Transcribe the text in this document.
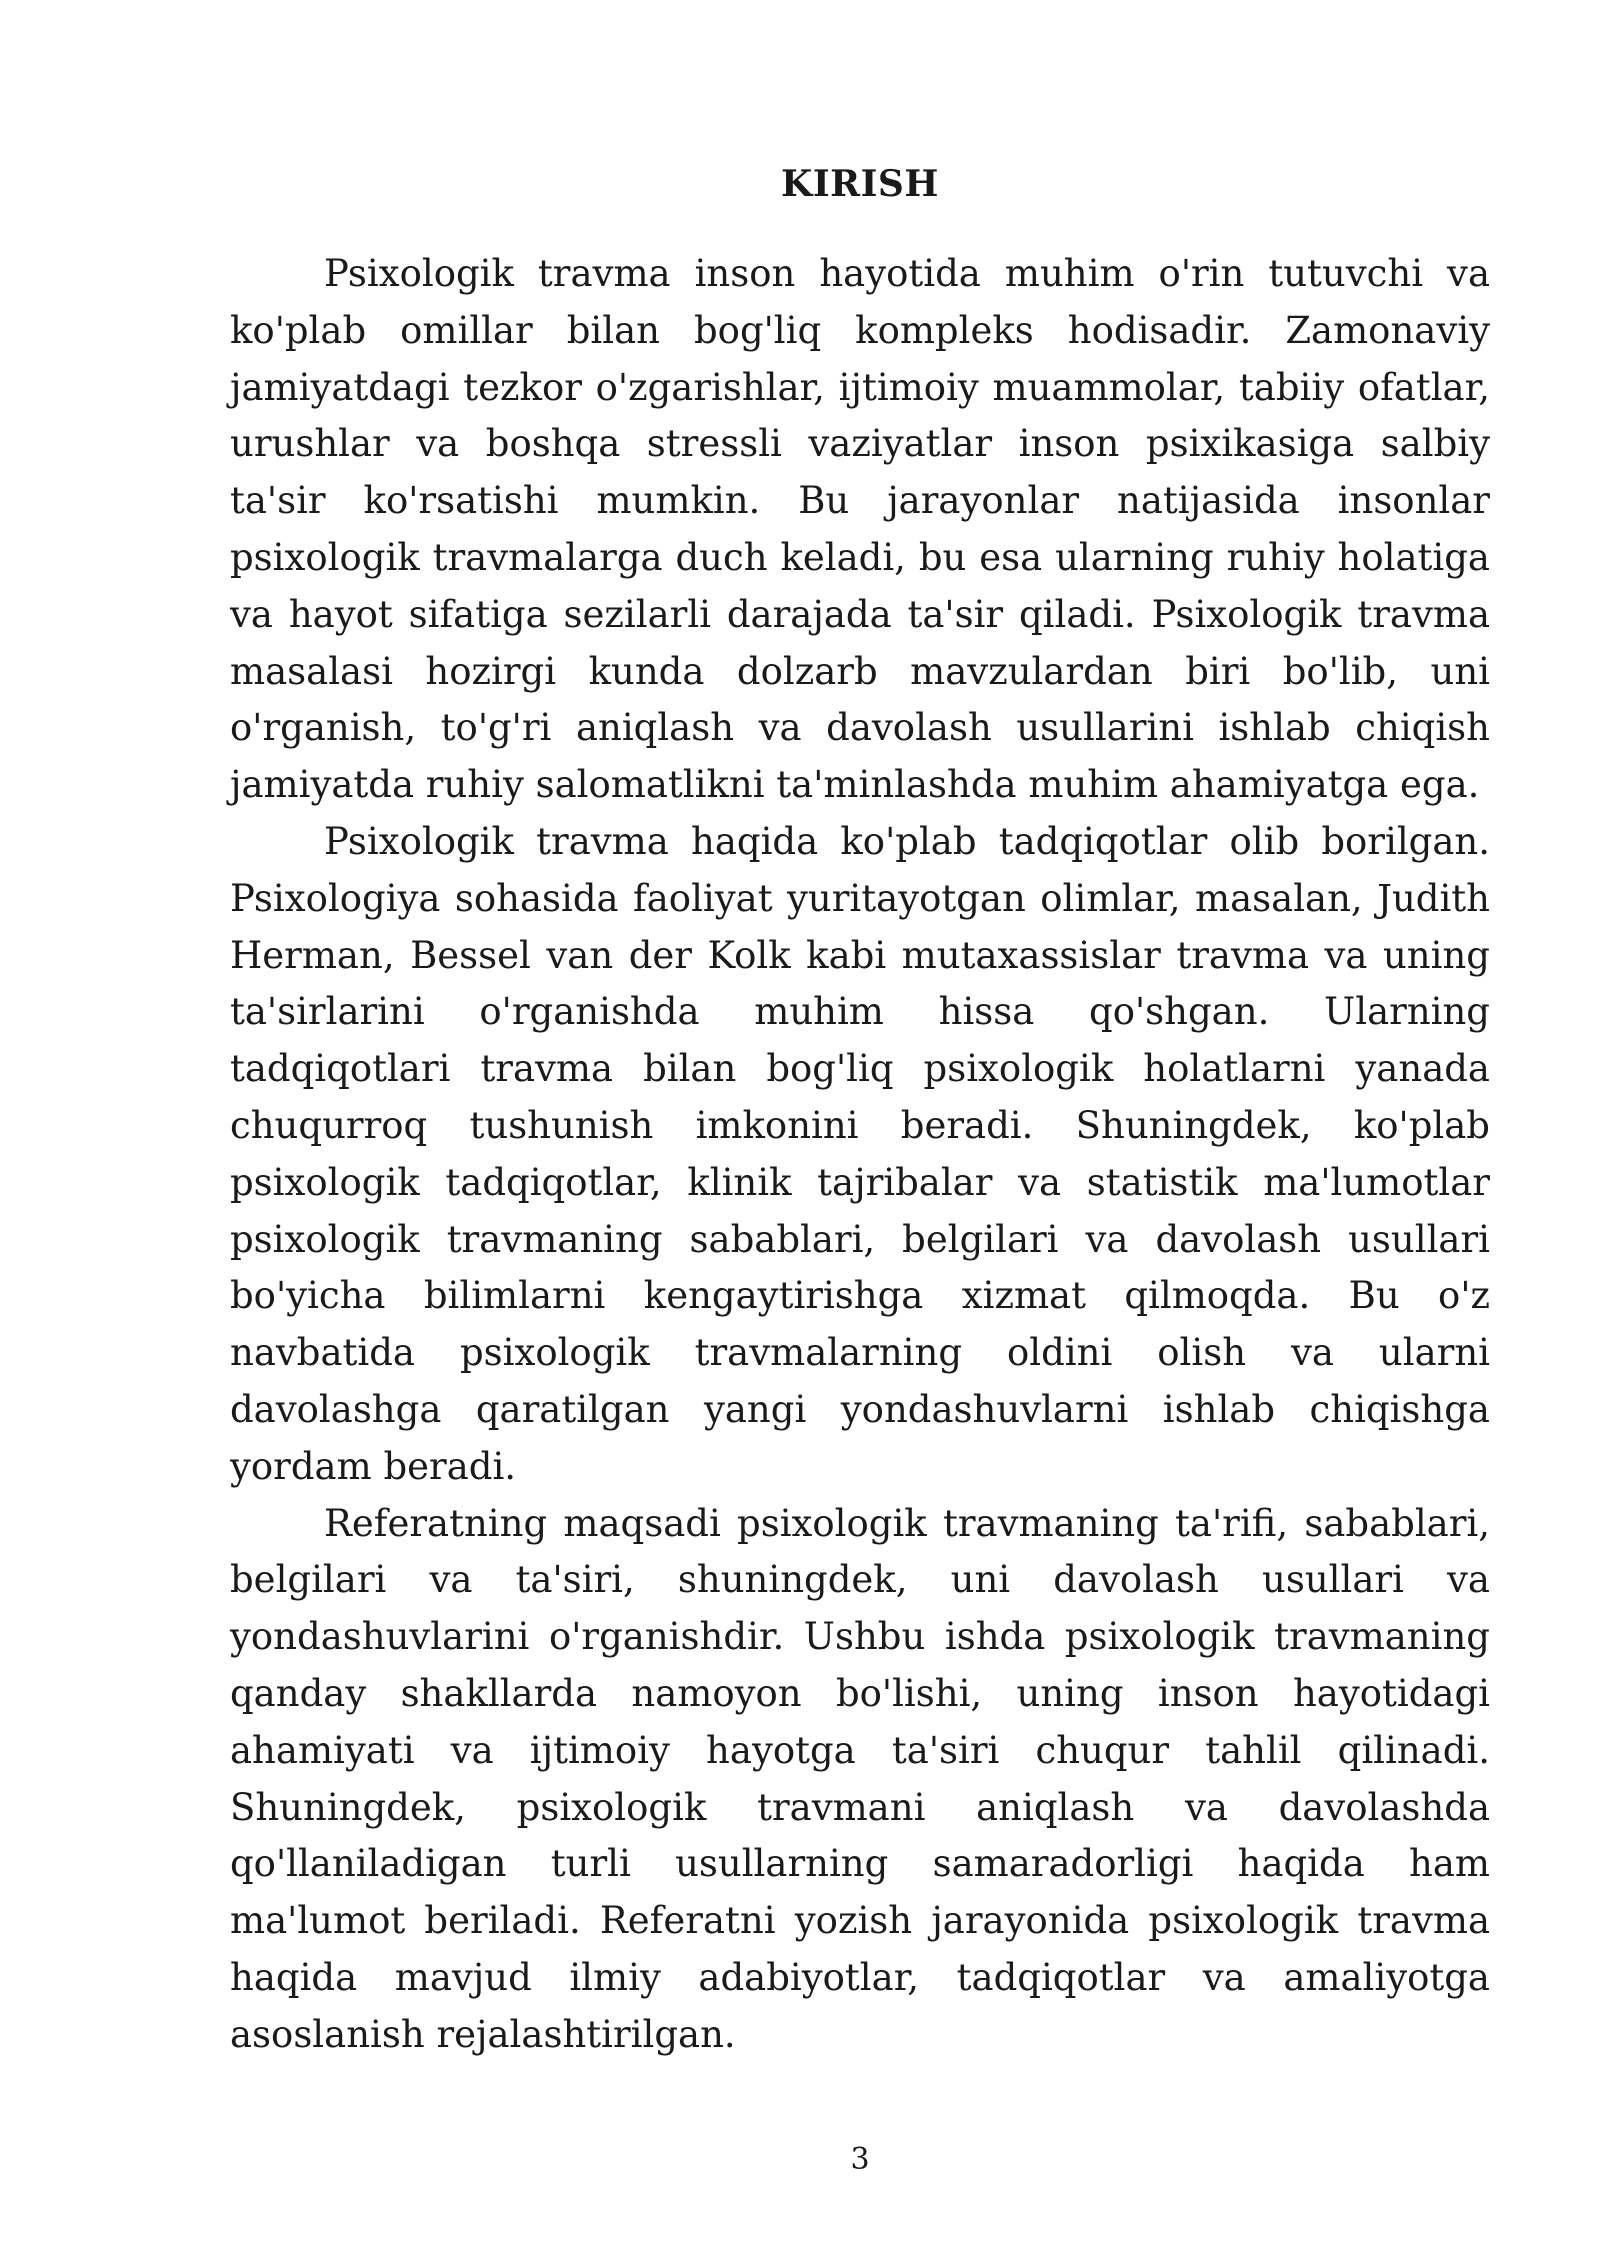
KIRISH

Psixologik travma inson hayotida muhim o'rin tutuvchi va ko'plab omillar bilan bog'liq kompleks hodisadir. Zamonaviy jamiyatdagi tezkor o'zgarishlar, ijtimoiy muammolar, tabiiy ofatlar, urushlar va boshqa stressli vaziyatlar inson psixikasiga salbiy ta'sir ko'rsatishi mumkin. Bu jarayonlar natijasida insonlar psixologik travmalarga duch keladi, bu esa ularning ruhiy holatiga va hayot sifatiga sezilarli darajada ta'sir qiladi. Psixologik travma masalasi hozirgi kunda dolzarb mavzulardan biri bo'lib, uni o'rganish, to'g'ri aniqlash va davolash usullarini ishlab chiqish jamiyatda ruhiy salomatlikni ta'minlashda muhim ahamiyatga ega.

Psixologik travma haqida ko'plab tadqiqotlar olib borilgan. Psixologiya sohasida faoliyat yuritayotgan olimlar, masalan, Judith Herman, Bessel van der Kolk kabi mutaxassislar travma va uning ta'sirlarini o'rganishda muhim hissa qo'shgan. Ularning tadqiqotlari travma bilan bog'liq psixologik holatlarni yanada chuqurroq tushunish imkonini beradi. Shuningdek, ko'plab psixologik tadqiqotlar, klinik tajribalar va statistik ma'lumotlar psixologik travmaning sabablari, belgilari va davolash usullari bo'yicha bilimlarni kengaytirishga xizmat qilmoqda. Bu o'z navbatida psixologik travmalarning oldini olish va ularni davolashga qaratilgan yangi yondashuvlarni ishlab chiqishga yordam beradi.

Referatning maqsadi psixologik travmaning ta'rifi, sabablari, belgilari va ta'siri, shuningdek, uni davolash usullari va yondashuvlarini o'rganishdir. Ushbu ishda psixologik travmaning qanday shakllarda namoyon bo'lishi, uning inson hayotidagi ahamiyati va ijtimoiy hayotga ta'siri chuqur tahlil qilinadi. Shuningdek, psixologik travmani aniqlash va davolashda qo'llaniladigan turli usullarning samaradorligi haqida ham ma'lumot beriladi. Referatni yozish jarayonida psixologik travma haqida mavjud ilmiy adabiyotlar, tadqiqotlar va amaliyotga asoslanish rejalashtirilgan.

3
